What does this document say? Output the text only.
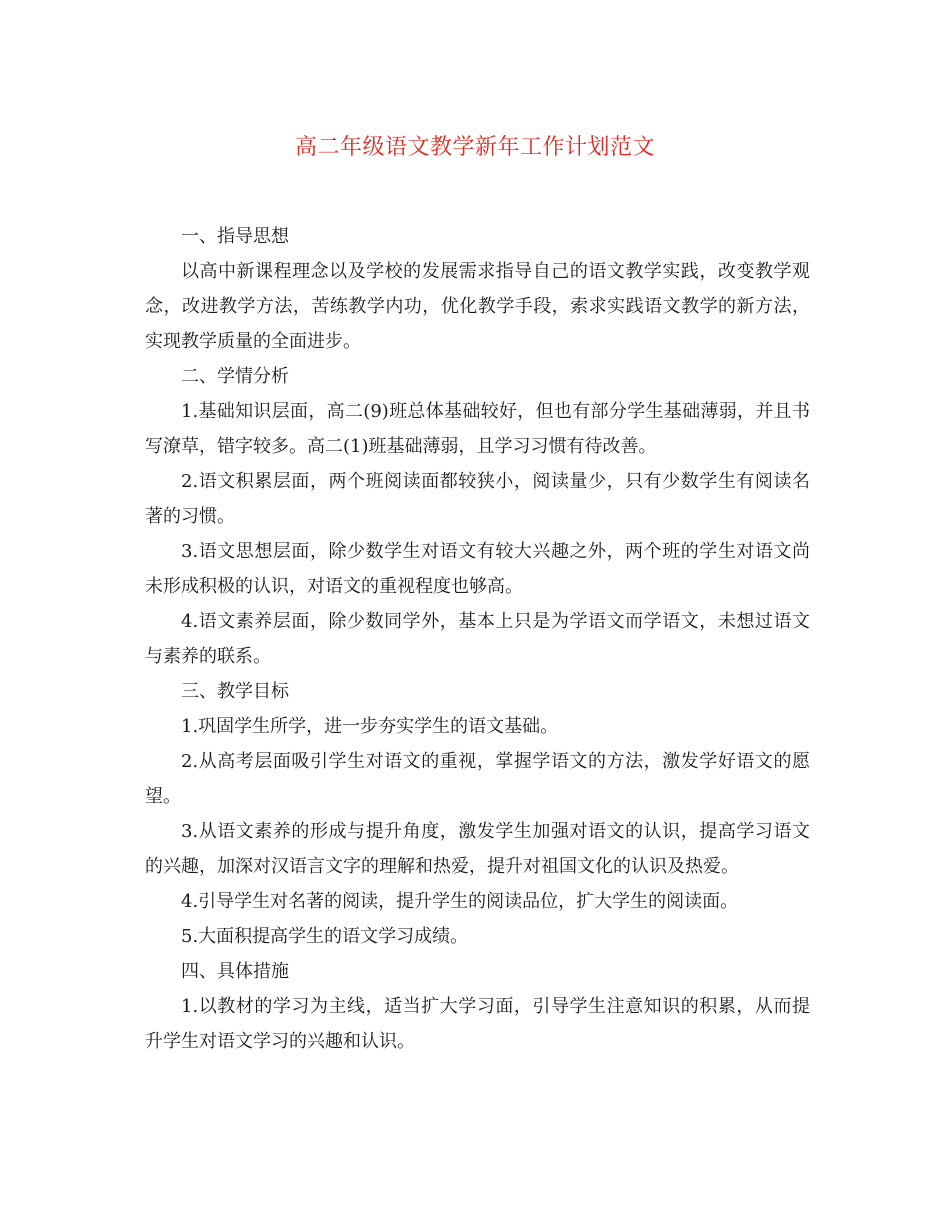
高二年级语文教学新年工作计划范文

一、指导思想

以高中新课程理念以及学校的发展需求指导自己的语文教学实践，改变教学观念，改进教学方法，苦练教学内功，优化教学手段，索求实践语文教学的新方法，实现教学质量的全面进步。

二、学情分析

1.基础知识层面，高二(9)班总体基础较好，但也有部分学生基础薄弱，并且书写潦草，错字较多。高二(1)班基础薄弱，且学习习惯有待改善。

2.语文积累层面，两个班阅读面都较狭小，阅读量少，只有少数学生有阅读名著的习惯。

3.语文思想层面，除少数学生对语文有较大兴趣之外，两个班的学生对语文尚未形成积极的认识，对语文的重视程度也够高。

4.语文素养层面，除少数同学外，基本上只是为学语文而学语文，未想过语文与素养的联系。

三、教学目标

1.巩固学生所学，进一步夯实学生的语文基础。

2.从高考层面吸引学生对语文的重视，掌握学语文的方法，激发学好语文的愿望。

3.从语文素养的形成与提升角度，激发学生加强对语文的认识，提高学习语文的兴趣，加深对汉语言文字的理解和热爱，提升对祖国文化的认识及热爱。

4.引导学生对名著的阅读，提升学生的阅读品位，扩大学生的阅读面。

5.大面积提高学生的语文学习成绩。

四、具体措施

1.以教材的学习为主线，适当扩大学习面，引导学生注意知识的积累，从而提升学生对语文学习的兴趣和认识。
